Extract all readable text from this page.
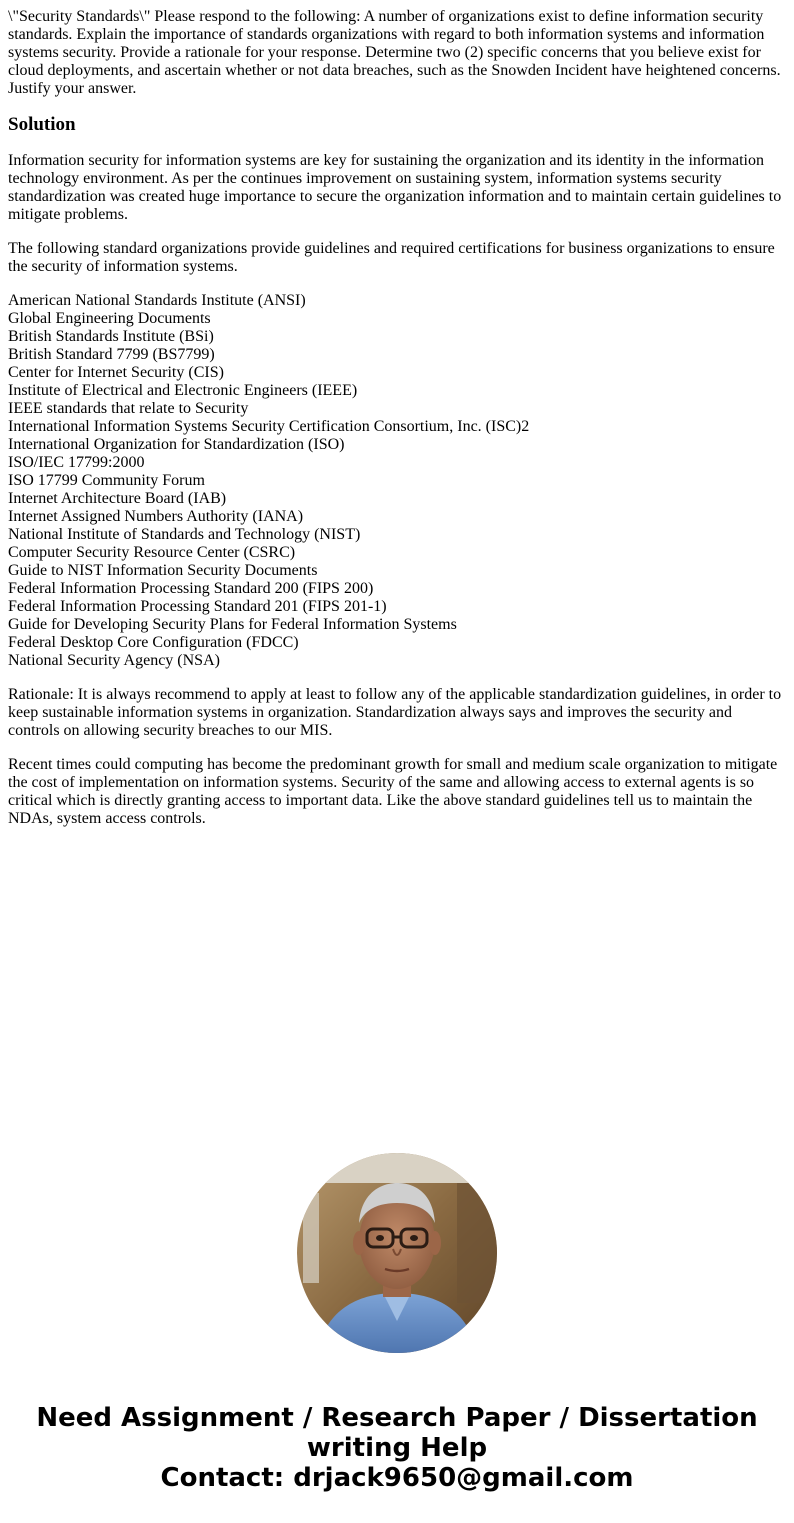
\"Security Standards\" Please respond to the following: A number of organizations exist to define information security standards. Explain the importance of standards organizations with regard to both information systems and information systems security. Provide a rationale for your response. Determine two (2) specific concerns that you believe exist for cloud deployments, and ascertain whether or not data breaches, such as the Snowden Incident have heightened concerns. Justify your answer.

Solution

Information security for information systems are key for sustaining the organization and its identity in the information technology environment. As per the continues improvement on sustaining system, information systems security standardization was created huge importance to secure the organization information and to maintain certain guidelines to mitigate problems.

The following standard organizations provide guidelines and required certifications for business organizations to ensure the security of information systems.

American National Standards Institute (ANSI)
Global Engineering Documents
British Standards Institute (BSi)
British Standard 7799 (BS7799)
Center for Internet Security (CIS)
Institute of Electrical and Electronic Engineers (IEEE)
IEEE standards that relate to Security
International Information Systems Security Certification Consortium, Inc. (ISC)2
International Organization for Standardization (ISO)
ISO/IEC 17799:2000
ISO 17799 Community Forum
Internet Architecture Board (IAB)
Internet Assigned Numbers Authority (IANA)
National Institute of Standards and Technology (NIST)
Computer Security Resource Center (CSRC)
Guide to NIST Information Security Documents
Federal Information Processing Standard 200 (FIPS 200)
Federal Information Processing Standard 201 (FIPS 201-1)
Guide for Developing Security Plans for Federal Information Systems
Federal Desktop Core Configuration (FDCC)
National Security Agency (NSA)

Rationale: It is always recommend to apply at least to follow any of the applicable standardization guidelines, in order to keep sustainable information systems in organization. Standardization always says and improves the security and controls on allowing security breaches to our MIS.

Recent times could computing has become the predominant growth for small and medium scale organization to mitigate the cost of implementation on information systems. Security of the same and allowing access to external agents is so critical which is directly granting access to important data. Like the above standard guidelines tell us to maintain the NDAs, system access controls.

Need Assignment / Research Paper / Dissertation
writing Help
Contact: drjack9650@gmail.com
